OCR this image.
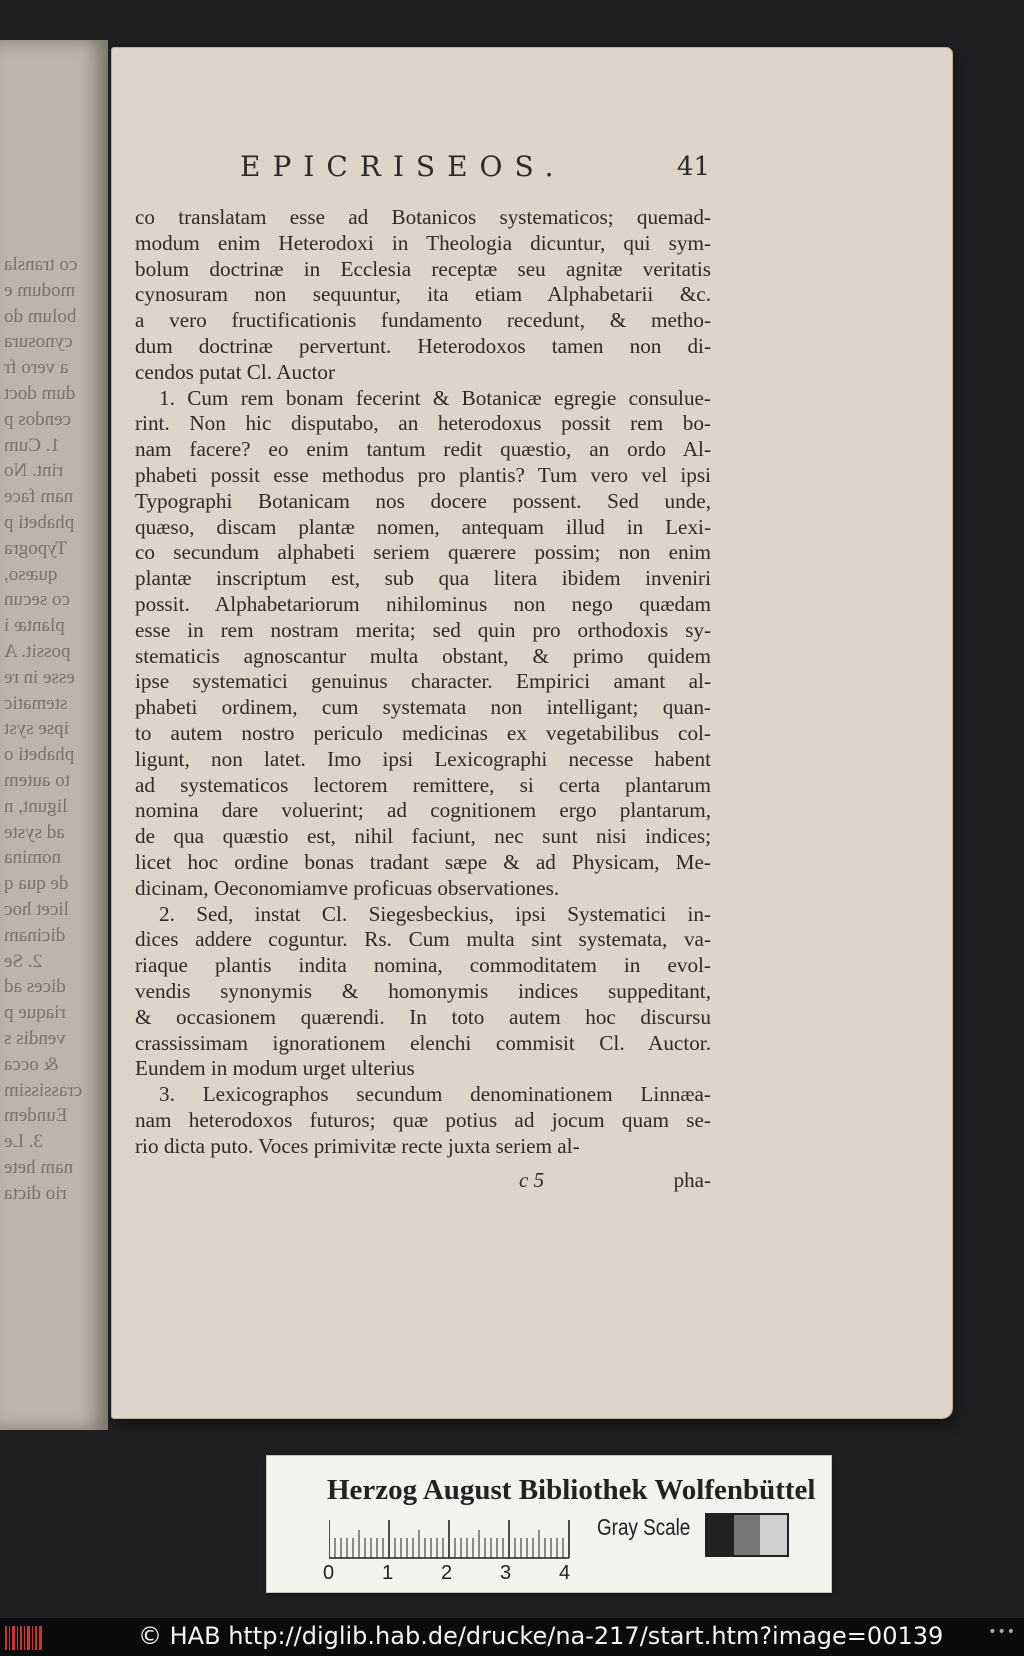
co transla
modum e
bolum do
cynosura
a vero fr
dum doct
cendos p
1. Cum
rint. No
nam face
phabeti p
Typogra
quæso,
co secun
plantæ i
possit. A
esse in re
stematic
ipse syst
phabeti o
to autem
ligunt, n
ad syste
nomina
de qua q
licet hoc
dicinam
2. Se
dices ad
riaque p
vendis s
& occa
crassissim
Eundem
3. Le
nam hete
rio dicta
EPICRISEOS.	41
co translatam esse ad Botanicos systematicos; quemad-
modum enim Heterodoxi in Theologia dicuntur, qui sym-
bolum doctrinæ in Ecclesia receptæ seu agnitæ veritatis
cynosuram non sequuntur, ita etiam Alphabetarii &c.
a vero fructificationis fundamento recedunt, & metho-
dum doctrinæ pervertunt. Heterodoxos tamen non di-
cendos putat Cl. Auctor
1. Cum rem bonam fecerint & Botanicæ egregie consulue-
rint. Non hic disputabo, an heterodoxus possit rem bo-
nam facere? eo enim tantum redit quæstio, an ordo Al-
phabeti possit esse methodus pro plantis? Tum vero vel ipsi
Typographi Botanicam nos docere possent. Sed unde,
quæso, discam plantæ nomen, antequam illud in Lexi-
co secundum alphabeti seriem quærere possim; non enim
plantæ inscriptum est, sub qua litera ibidem inveniri
possit. Alphabetariorum nihilominus non nego quædam
esse in rem nostram merita; sed quin pro orthodoxis sy-
stematicis agnoscantur multa obstant, & primo quidem
ipse systematici genuinus character. Empirici amant al-
phabeti ordinem, cum systemata non intelligant; quan-
to autem nostro periculo medicinas ex vegetabilibus col-
ligunt, non latet. Imo ipsi Lexicographi necesse habent
ad systematicos lectorem remittere, si certa plantarum
nomina dare voluerint; ad cognitionem ergo plantarum,
de qua quæstio est, nihil faciunt, nec sunt nisi indices;
licet hoc ordine bonas tradant sæpe & ad Physicam, Me-
dicinam, Oeconomiamve proficuas observationes.
2. Sed, instat Cl. Siegesbeckius, ipsi Systematici in-
dices addere coguntur. Rs. Cum multa sint systemata, va-
riaque plantis indita nomina, commoditatem in evol-
vendis synonymis & homonymis indices suppeditant,
& occasionem quærendi. In toto autem hoc discursu
crassissimam ignorationem elenchi commisit Cl. Auctor.
Eundem in modum urget ulterius
3. Lexicographos secundum denominationem Linnæa-
nam heterodoxos futuros; quæ potius ad jocum quam se-
rio dicta puto. Voces primivitæ recte juxta seriem al-
c 5	pha-
Herzog August Bibliothek Wolfenbüttel
0 1 2 3 4
Gray Scale
© HAB http://diglib.hab.de/drucke/na-217/start.htm?image=00139	•••
